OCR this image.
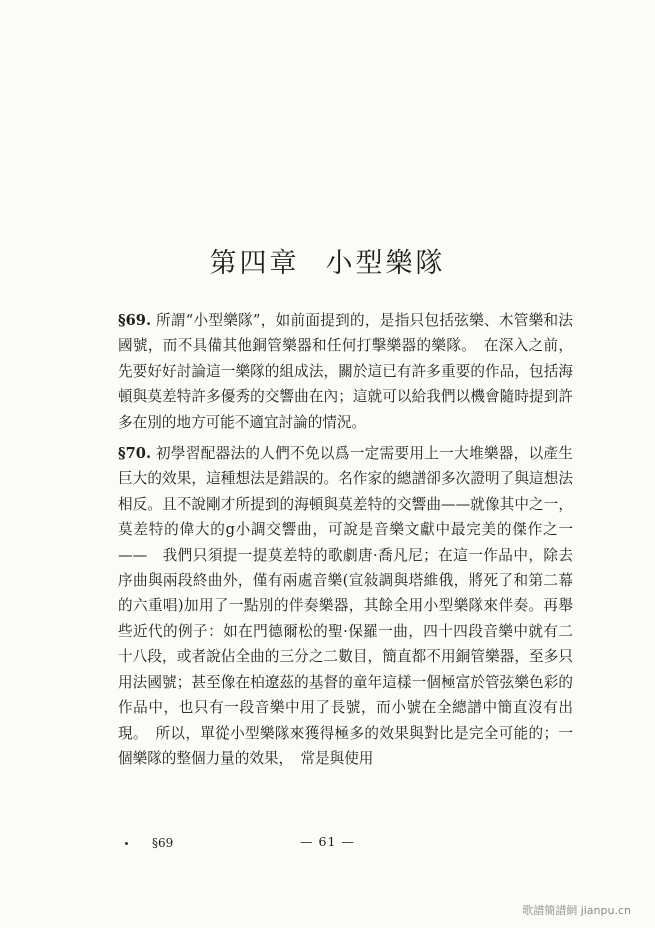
第四章 小型樂隊

§69. 所謂“小型樂隊”，如前面提到的，是指只包括弦樂、木管樂和法國號，而不具備其他銅管樂器和任何打擊樂器的樂隊。　在深入之前，先要好好討論這一樂隊的組成法，關於這已有許多重要的作品，包括海頓與莫差特許多優秀的交響曲在內；這就可以給我們以機會隨時提到許多在別的地方可能不適宜討論的情況。

§70. 初學習配器法的人們不免以爲一定需要用上一大堆樂器，以產生巨大的效果，這種想法是錯誤的。名作家的總譜卻多次證明了與這想法相反。且不說剛才所提到的海頓與莫差特的交響曲——就像其中之一，莫差特的偉大的g小調交響曲，可說是音樂文獻中最完美的傑作之一——　我們只須提一提莫差特的歌劇唐·喬凡尼；在這一作品中，除去序曲與兩段終曲外，僅有兩處音樂(宣敍調與塔維俄，將死了和第二幕的六重唱)加用了一點別的伴奏樂器，其餘全用小型樂隊來伴奏。再舉些近代的例子：如在門德爾松的聖·保羅一曲，四十四段音樂中就有二十八段，或者說佔全曲的三分之二數目，簡直都不用銅管樂器，至多只用法國號；甚至像在柏遼茲的基督的童年這樣一個極富於管弦樂色彩的作品中，也只有一段音樂中用了長號，而小號在全總譜中簡直沒有出現。　所以，單從小型樂隊來獲得極多的效果與對比是完全可能的；一個樂隊的整個力量的效果，　常是與使用

§69	— 61 —
歌譜簡譜網 jianpu.cn
